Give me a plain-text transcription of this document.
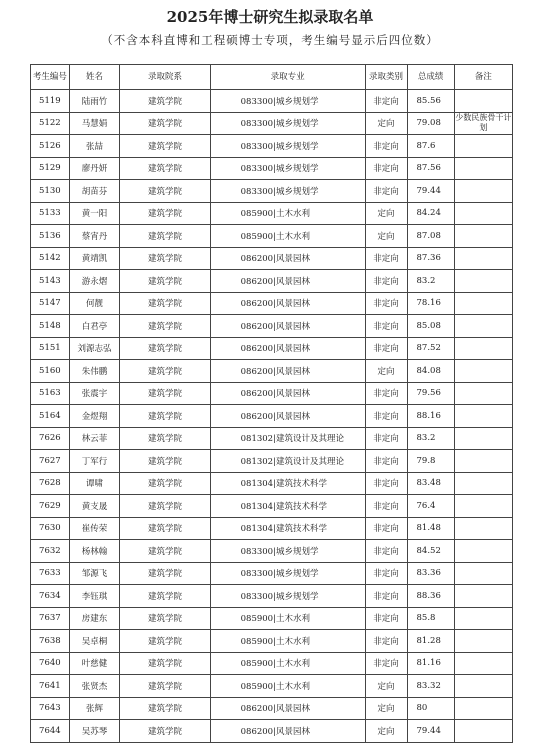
2025年博士研究生拟录取名单
（不含本科直博和工程硕博士专项，考生编号显示后四位数）
考生编号	姓名	录取院系	录取专业	录取类别	总成绩	备注
5119	陆雨竹	建筑学院	083300|城乡规划学	非定向	85.56	
5122	马慧娟	建筑学院	083300|城乡规划学	定向	79.08	少数民族骨干计划
5126	张喆	建筑学院	083300|城乡规划学	非定向	87.6	
5129	廖丹妍	建筑学院	083300|城乡规划学	非定向	87.56	
5130	胡苗芬	建筑学院	083300|城乡规划学	非定向	79.44	
5133	黄一阳	建筑学院	085900|土木水利	定向	84.24	
5136	蔡宵丹	建筑学院	085900|土木水利	定向	87.08	
5142	黄靖凯	建筑学院	086200|风景园林	非定向	87.36	
5143	游永熠	建筑学院	086200|风景园林	非定向	83.2	
5147	何靓	建筑学院	086200|风景园林	非定向	78.16	
5148	白君亭	建筑学院	086200|风景园林	非定向	85.08	
5151	刘源志弘	建筑学院	086200|风景园林	非定向	87.52	
5160	朱伟鹏	建筑学院	086200|风景园林	定向	84.08	
5163	张震宇	建筑学院	086200|风景园林	非定向	79.56	
5164	金煜翔	建筑学院	086200|风景园林	非定向	88.16	
7626	林云菲	建筑学院	081302|建筑设计及其理论	非定向	83.2	
7627	丁军行	建筑学院	081302|建筑设计及其理论	非定向	79.8	
7628	谭啸	建筑学院	081304|建筑技术科学	非定向	83.48	
7629	黄支晟	建筑学院	081304|建筑技术科学	非定向	76.4	
7630	崔传荣	建筑学院	081304|建筑技术科学	非定向	81.48	
7632	杨林翰	建筑学院	083300|城乡规划学	非定向	84.52	
7633	邹源飞	建筑学院	083300|城乡规划学	非定向	83.36	
7634	李钰琪	建筑学院	083300|城乡规划学	非定向	88.36	
7637	房建东	建筑学院	085900|土木水利	非定向	85.8	
7638	吴卓桐	建筑学院	085900|土木水利	非定向	81.28	
7640	叶慈健	建筑学院	085900|土木水利	非定向	81.16	
7641	张贤杰	建筑学院	085900|土木水利	定向	83.32	
7643	张辉	建筑学院	086200|风景园林	定向	80	
7644	吴苏琴	建筑学院	086200|风景园林	定向	79.44	
